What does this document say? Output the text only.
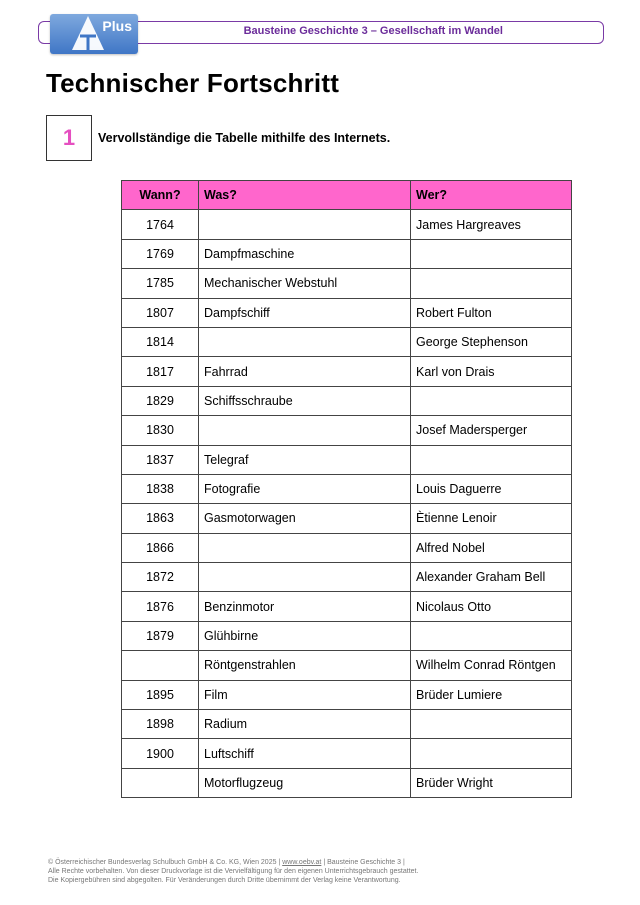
Bausteine Geschichte 3 – Gesellschaft im Wandel
Plus
Technischer Fortschritt
1 Vervollständige die Tabelle mithilfe des Internets.
Wann?	Was?	Wer?
1764		James Hargreaves
1769	Dampfmaschine	
1785	Mechanischer Webstuhl	
1807	Dampfschiff	Robert Fulton
1814		George Stephenson
1817	Fahrrad	Karl von Drais
1829	Schiffsschraube	
1830		Josef Madersperger
1837	Telegraf	
1838	Fotografie	Louis Daguerre
1863	Gasmotorwagen	Ètienne Lenoir
1866		Alfred Nobel
1872		Alexander Graham Bell
1876	Benzinmotor	Nicolaus Otto
1879	Glühbirne	
	Röntgenstrahlen	Wilhelm Conrad Röntgen
1895	Film	Brüder Lumiere
1898	Radium	
1900	Luftschiff	
	Motorflugzeug	Brüder Wright
© Österreichischer Bundesverlag Schulbuch GmbH & Co. KG, Wien 2025 | www.oebv.at | Bausteine Geschichte 3 |
Alle Rechte vorbehalten. Von dieser Druckvorlage ist die Vervielfältigung für den eigenen Unterrichtsgebrauch gestattet.
Die Kopiergebühren sind abgegolten. Für Veränderungen durch Dritte übernimmt der Verlag keine Verantwortung.
